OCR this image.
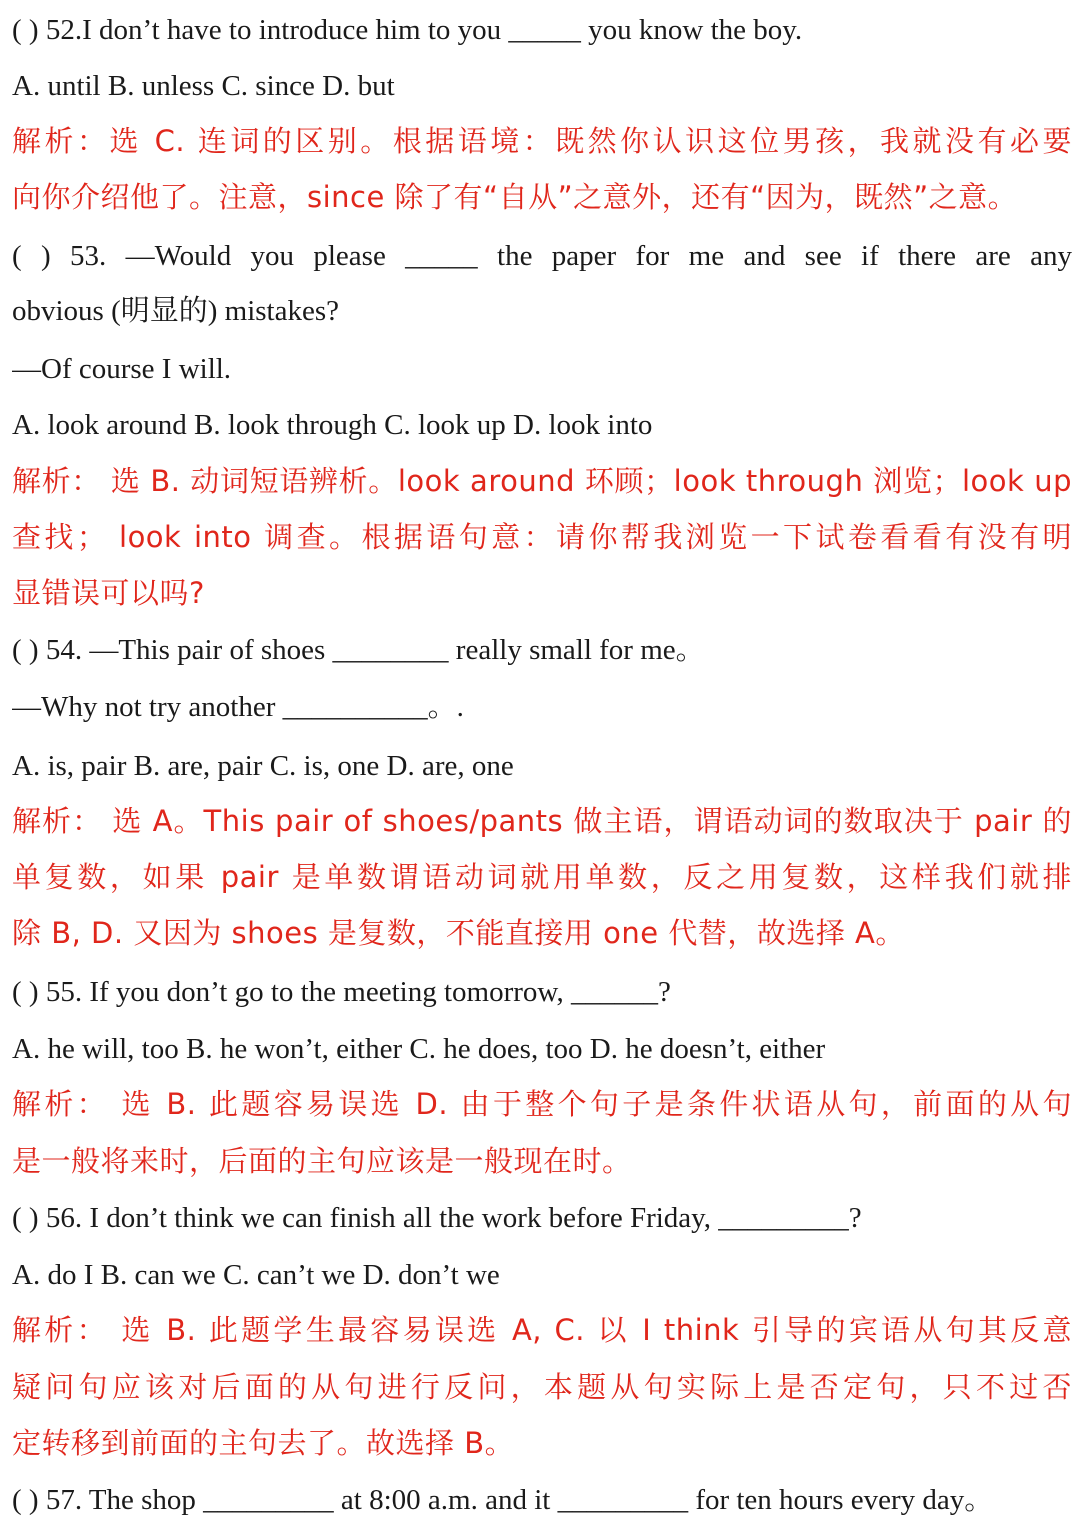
( ) 52.I don’t have to introduce him to you _____ you know the boy.
A. until B. unless C. since D. but
解析：选 C. 连词的区别。根据语境：既然你认识这位男孩，我就没有必要
向你介绍他了。注意，since 除了有“自从”之意外，还有“因为，既然”之意。
( ) 53. —Would you please _____ the paper for me and see if there are any
obvious (明显的) mistakes?
—Of course I will.
A. look around B. look through C. look up D. look into
解析： 选 B. 动词短语辨析。look around 环顾；look through 浏览；look up
查找； look into 调查。根据语句意：请你帮我浏览一下试卷看看有没有明
显错误可以吗?
( ) 54. —This pair of shoes ________ really small for me。
—Why not try another __________。.
A. is, pair B. are, pair C. is, one D. are, one
解析： 选 A。This pair of shoes/pants 做主语，谓语动词的数取决于 pair 的
单复数，如果 pair 是单数谓语动词就用单数，反之用复数，这样我们就排
除 B, D. 又因为 shoes 是复数，不能直接用 one 代替，故选择 A。
( ) 55. If you don’t go to the meeting tomorrow, ______?
A. he will, too B. he won’t, either C. he does, too D. he doesn’t, either
解析： 选 B. 此题容易误选 D. 由于整个句子是条件状语从句，前面的从句
是一般将来时，后面的主句应该是一般现在时。
( ) 56. I don’t think we can finish all the work before Friday, _________?
A. do I B. can we C. can’t we D. don’t we
解析： 选 B. 此题学生最容易误选 A, C. 以 I think 引导的宾语从句其反意
疑问句应该对后面的从句进行反问，本题从句实际上是否定句，只不过否
定转移到前面的主句去了。故选择 B。
( ) 57. The shop _________ at 8:00 a.m. and it _________ for ten hours every day。
